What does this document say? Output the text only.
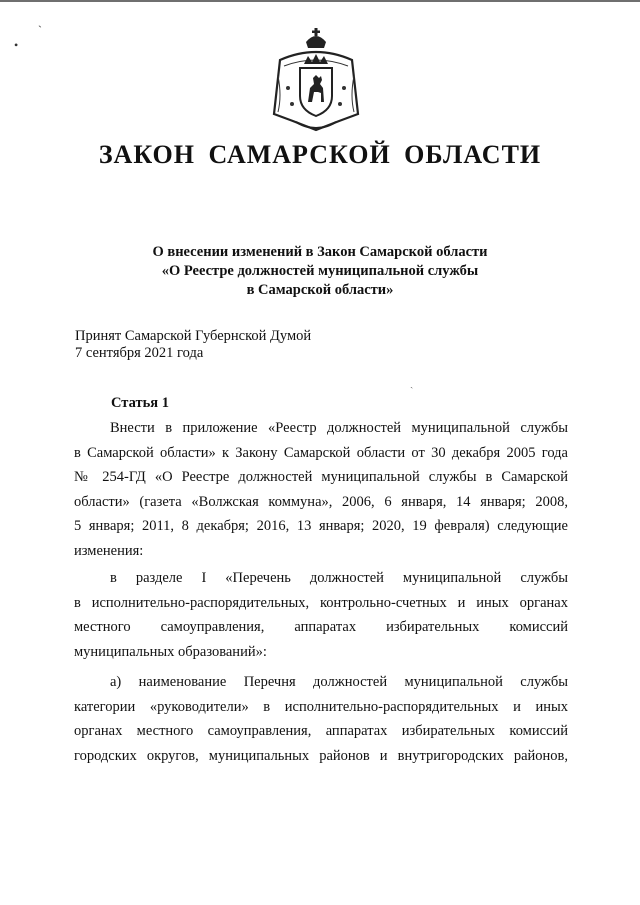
ˏ
•
ˎ
ЗАКОН САМАРСКОЙ ОБЛАСТИ
О внесении изменений в Закон Самарской области
«О Реестре должностей муниципальной службы
в Самарской области»
Принят Самарской Губернской Думой
7 сентября 2021 года
Статья 1
Внести в приложение «Реестр должностей муниципальной службы
в Самарской области» к Закону Самарской области от 30 декабря 2005 года
№ 254-ГД «О Реестре должностей муниципальной службы в Самарской
области» (газета «Волжская коммуна», 2006, 6 января, 14 января; 2008,
5 января; 2011, 8 декабря; 2016, 13 января; 2020, 19 февраля) следующие
изменения:
в разделе I «Перечень должностей муниципальной службы
в исполнительно-распорядительных, контрольно-счетных и иных органах
местного самоуправления, аппаратах избирательных комиссий
муниципальных образований»:
а) наименование Перечня должностей муниципальной службы
категории «руководители» в исполнительно-распорядительных и иных
органах местного самоуправления, аппаратах избирательных комиссий
городских округов, муниципальных районов и внутригородских районов,
